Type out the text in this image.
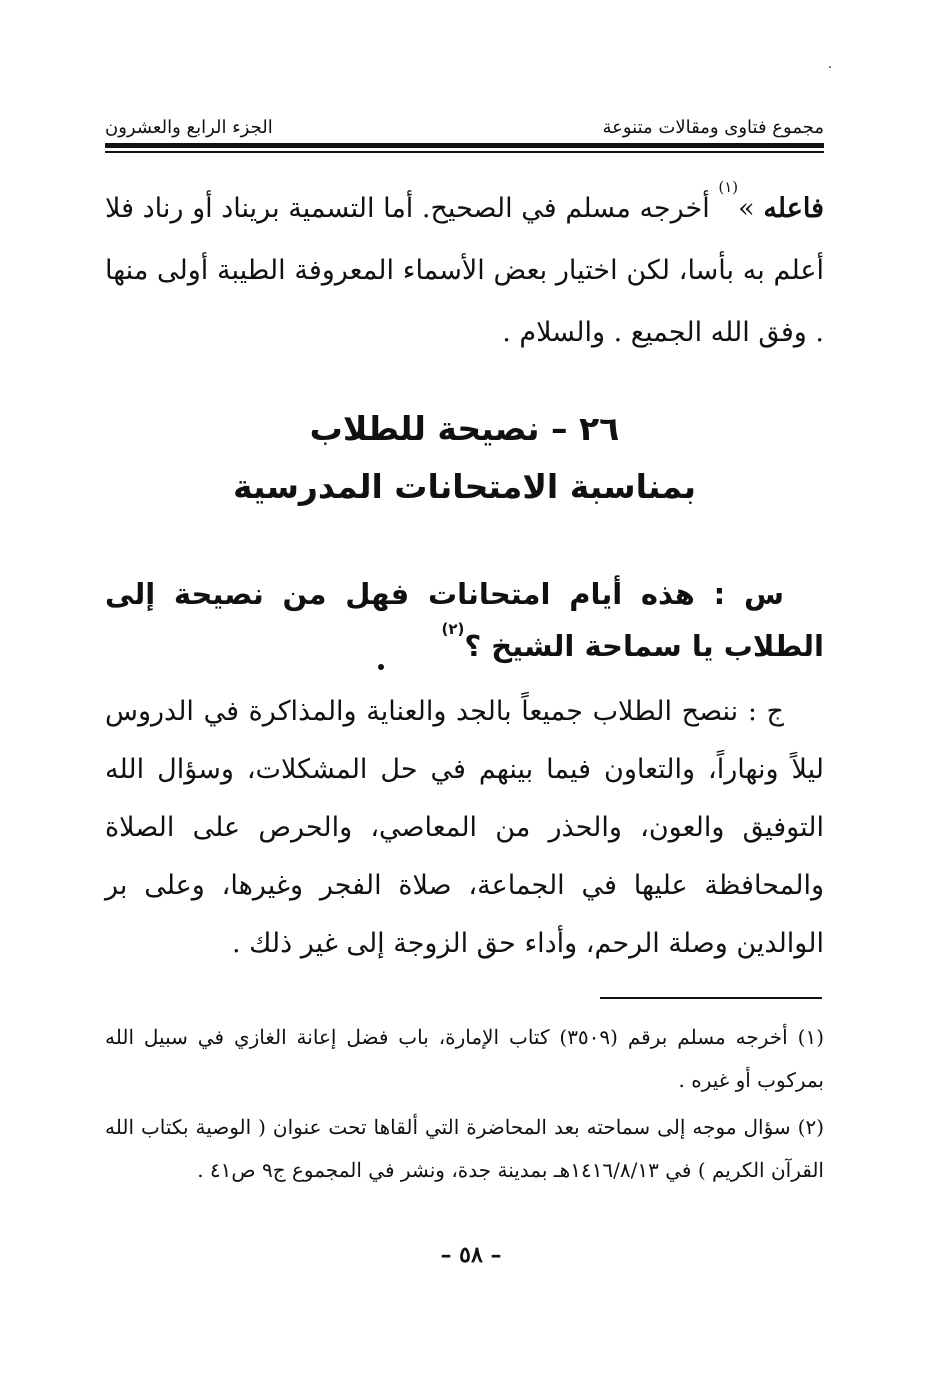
مجموع فتاوى ومقالات متنوعة
الجزء الرابع والعشرون
فاعله »$^{(١)}$ أخرجه مسلم في الصحيح. أما التسمية بريناد أو رناد فلا أعلم به بأسا، لكن اختيار بعض الأسماء المعروفة الطيبة أولى منها . وفق الله الجميع . والسلام .
٢٦ – نصيحة للطلاب
بمناسبة الامتحانات المدرسية
س : هذه أيام امتحانات فهل من نصيحة إلى الطلاب يا سماحة الشيخ ؟$^{(٢)}$
ج : ننصح الطلاب جميعاً بالجد والعناية والمذاكرة في الدروس ليلاً ونهاراً، والتعاون فيما بينهم في حل المشكلات، وسؤال الله التوفيق والعون، والحذر من المعاصي، والحرص على الصلاة والمحافظة عليها في الجماعة، صلاة الفجر وغيرها، وعلى بر الوالدين وصلة الرحم، وأداء حق الزوجة إلى غير ذلك .
(١) أخرجه مسلم برقم (٣٥٠٩) كتاب الإمارة، باب فضل إعانة الغازي في سبيل الله بمركوب أو غيره .
(٢) سؤال موجه إلى سماحته بعد المحاضرة التي ألقاها تحت عنوان ( الوصية بكتاب الله القرآن الكريم ) في ١٤١٦/٨/١٣هـ بمدينة جدة، ونشر في المجموع ج٩ ص٤١ .
– ٥٨ –
